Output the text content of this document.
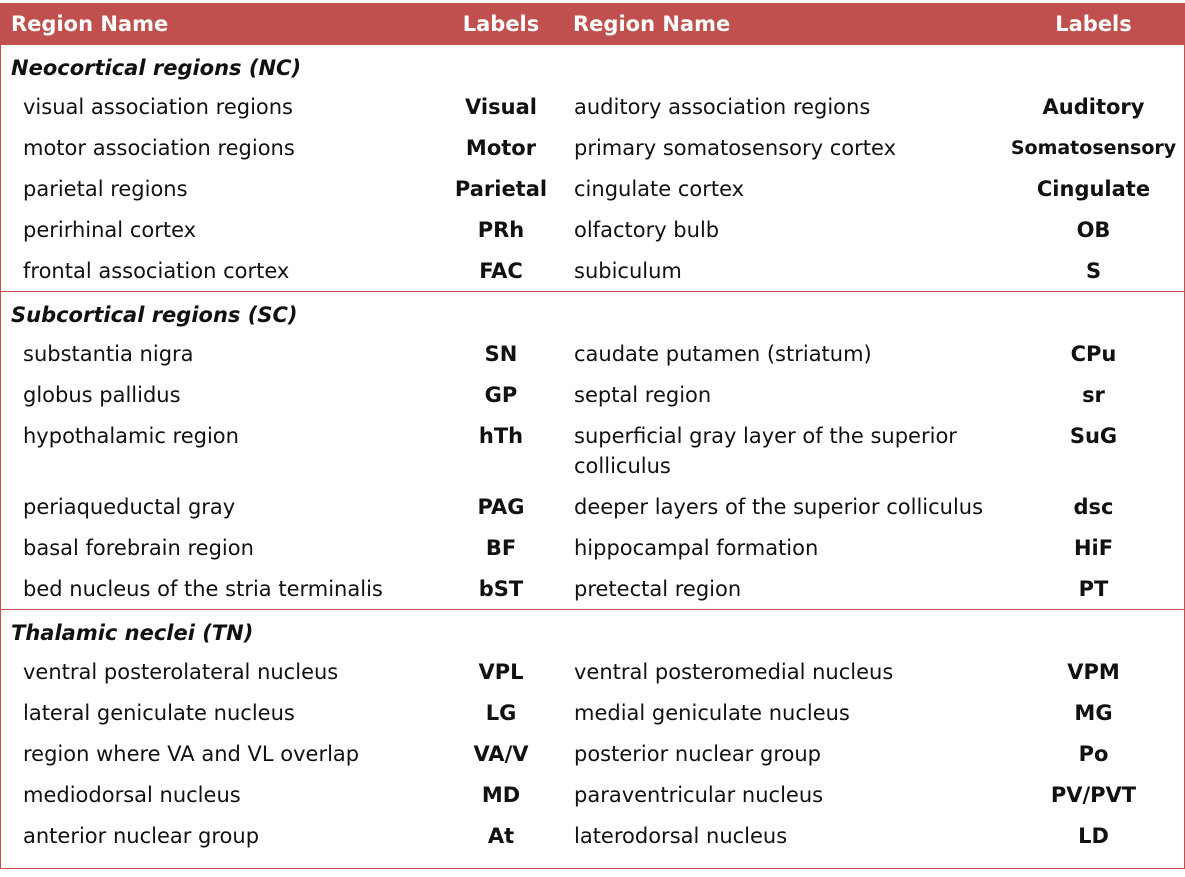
Region Name	Labels	Region Name	Labels
Neocortical regions (NC)			
visual association regions	Visual	auditory association regions	Auditory
motor association regions	Motor	primary somatosensory cortex	Somatosensory
parietal regions	Parietal	cingulate cortex	Cingulate
perirhinal cortex	PRh	olfactory bulb	OB
frontal association cortex	FAC	subiculum	S
Subcortical regions (SC)			
substantia nigra	SN	caudate putamen (striatum)	CPu
globus pallidus	GP	septal region	sr
hypothalamic region	hTh	superficial gray layer of the superior colliculus	SuG
periaqueductal gray	PAG	deeper layers of the superior colliculus	dsc
basal forebrain region	BF	hippocampal formation	HiF
bed nucleus of the stria terminalis	bST	pretectal region	PT
Thalamic neclei (TN)			
ventral posterolateral nucleus	VPL	ventral posteromedial nucleus	VPM
lateral geniculate nucleus	LG	medial geniculate nucleus	MG
region where VA and VL overlap	VA/V	posterior nuclear group	Po
mediodorsal nucleus	MD	paraventricular nucleus	PV/PVT
anterior nuclear group	At	laterodorsal nucleus	LD
